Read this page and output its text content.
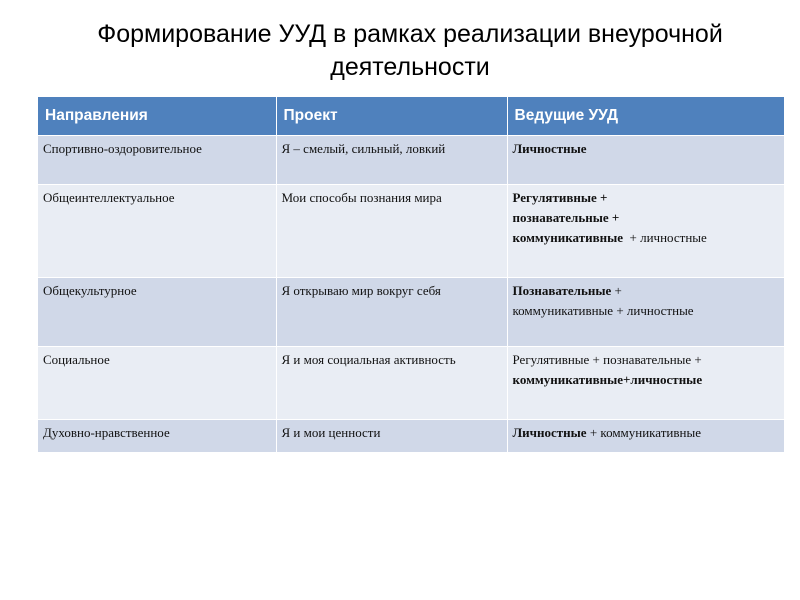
Формирование УУД в рамках реализации внеурочной
деятельности
Направления	Проект	Ведущие УУД
Спортивно-оздоровительное	Я – смелый, сильный, ловкий	Личностные
Общеинтеллектуальное	Мои способы познания мира	Регулятивные +
познавательные +
коммуникативные  + личностные
Общекультурное	Я открываю мир вокруг себя	Познавательные +
коммуникативные + личностные
Социальное	Я и моя социальная активность	Регулятивные + познавательные +
коммуникативные+личностные
Духовно-нравственное	Я и мои ценности	Личностные + коммуникативные
